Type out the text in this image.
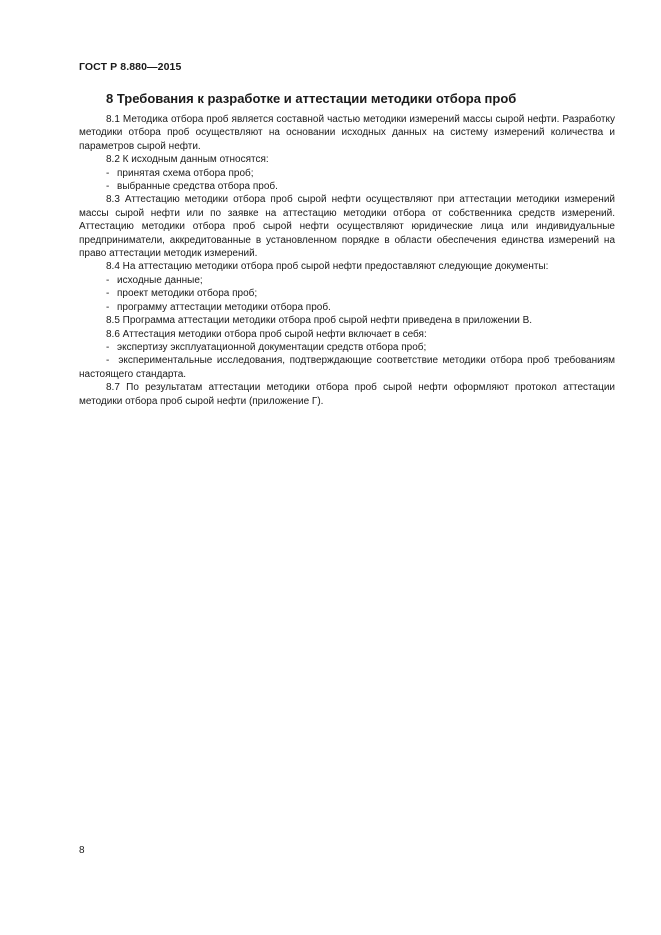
ГОСТ Р 8.880—2015
8 Требования к разработке и аттестации методики отбора проб

8.1 Методика отбора проб является составной частью методики измерений массы сырой нефти. Разработку методики отбора проб осуществляют на основании исходных данных на систему измерений количества и параметров сырой нефти.

8.2 К исходным данным относятся:

- принятая схема отбора проб;

- выбранные средства отбора проб.

8.3 Аттестацию методики отбора проб сырой нефти осуществляют при аттестации методики измерений массы сырой нефти или по заявке на аттестацию методики отбора от собственника средств измерений. Аттестацию методики отбора проб сырой нефти осуществляют юридические лица или индивидуальные предприниматели, аккредитованные в установленном порядке в области обеспечения единства измерений на право аттестации методик измерений.

8.4 На аттестацию методики отбора проб сырой нефти предоставляют следующие документы:

- исходные данные;

- проект методики отбора проб;

- программу аттестации методики отбора проб.

8.5 Программа аттестации методики отбора проб сырой нефти приведена в приложении В.

8.6 Аттестация методики отбора проб сырой нефти включает в себя:

- экспертизу эксплуатационной документации средств отбора проб;

-  экспериментальные исследования, подтверждающие соответствие методики отбора проб требованиям настоящего стандарта.

8.7 По результатам аттестации методики отбора проб сырой нефти оформляют протокол аттестации методики отбора проб сырой нефти (приложение Г).

8
